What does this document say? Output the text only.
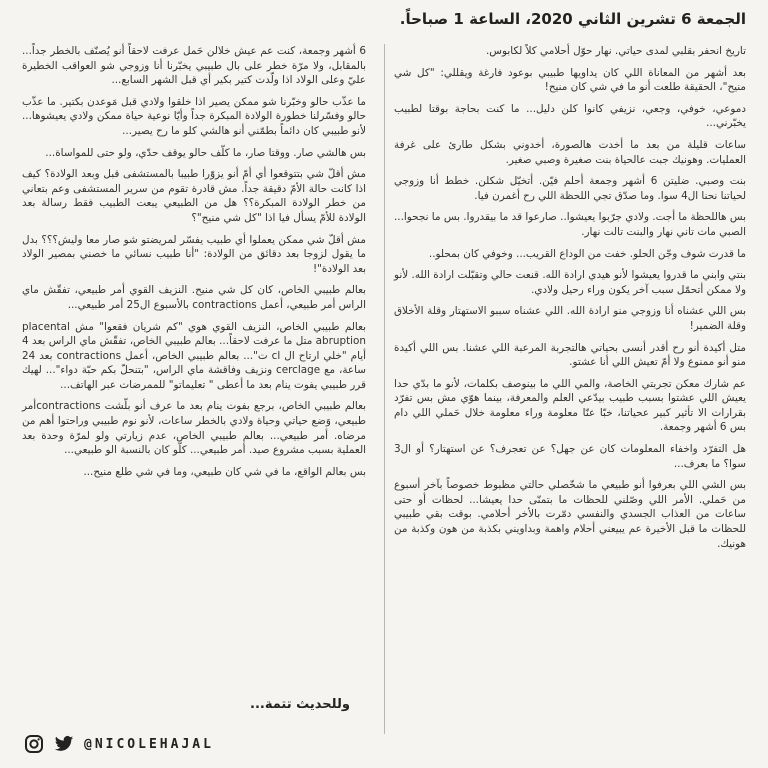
الجمعة 6 تشرين الثاني 2020، الساعة 1 صباحاً.

تاريخ انحفر بقلبي لمدى حياتي. نهار حوّل أحلامي كلاً لكابوس.

بعد أشهر من المعاناة اللي كان يداويها طبيبي بوعود فارغة ويقللي: "كل شي منيح"، الحقيقة طلعت أنو ما في شي كان منيح!

دموعي، خوفي، وجعي، نزيفي كانوا كلن دليل... ما كنت بحاجة بوقتا لطبيب يخبّرني...

ساعات قليلة من بعد ما أخدت هالصورة، أخدوني بشكل طارئ على غرفة العمليات. وهونيك جبت عالحياة بنت صغيرة وصبي صغير.

بنت وصبي. ضليتن 6 أشهر وجمعة أحلم فيّن. أتخيّل شكلن. خطط أنا وزوجي لحياتنا نحنا ال4 سوا. وما صدّق تجي اللحظة اللي رح أغمرن فيا.

بس هاللحظة ما أجت. ولادي جرّبوا يعيشوا.. صارعوا قد ما بيقدروا. بس ما نجحوا... الصبي مات تاني نهار والبنت تالت نهار.

ما قدرت شوف وجّن الحلو. خفت من الوداع القريب... وخوفي كان بمحلو..

بنتي وابني ما قدروا يعيشوا لأنو هيدي ارادة الله. قنعت حالي وتقبّلت ارادة الله. لأنو ولا ممكن أتحمّل سبب آخر يكون وراء رحيل ولادي.

بس اللي عشناه أنا وزوجي منو ارادة الله. اللي عشناه سببو الاستهتار وقلة الأخلاق وقلة الضمير!

متل أكيدة أنو رح أقدر أنسى بحياتي هالتجربة المرعبة اللي عشنا. بس اللي أكيدة منو أنو ممنوع ولا أمّ تعيش اللي أنا عشتو.

عم شارك معكن تجربتي الخاصة، والمي اللي ما بينوصف بكلمات، لأنو ما بدّي حدا يعيش اللي عشتوا بسبب طبيب بيدّعي العلم والمعرفة، بينما هوّي مش بس تفرّد بقرارات الا تأثير كبير عحياتنا، خبّا عنّا معلومة وراء معلومة خلال حَملي اللي دام بس 6 أشهر وجمعة.

هل التفرّد واخفاء المعلومات كان عن جهل؟ عن تعجرف؟ عن استهتار؟ أو ال3 سوا؟ ما بعرف...

بس الشي اللي بعرفوا أنو طبيعي ما شخّصلي حالتي مظبوط خصوصاً بآخر أسبوع من حَملي. الأمر اللي وصّلني للحظات ما بتمنّى حدا يعيشا... لحظات أو حتى ساعات من العذاب الجسدي والنفسي دمّرت بالأخر أحلامي. بوقت بقي طبيبي للحظات ما قبل الأخيرة عم يبيعني أحلام واهمة وبداويني بكذبة من هون وكذبة من هونيك.

6 أشهر وجمعة، كنت عم عيش خلالن حَمل عرفت لاحقاً أنو يُصنّف بالخطر جداً... بالمقابل، ولا مرّة خطر على بال طبيبي يخبّرنا أنا وزوجي شو العواقب الخطيرة عليّ وعلى الولاد اذا ولّدت كتير بكير أي قبل الشهر السابع...

ما عذّب حالو وخبّرنا شو ممكن يصير اذا خلقوا ولادي قبل مَوعدن بكتير. ما عذّب حالو وفسّرلنا خطورة الولادة المبكرة جداً وأيّا نوعية حياة ممكن ولادي يعيشوها... لأنو طبيبي كان دائماً بطمّني أنو هالشي كلو ما رح يصير...

بس هالشي صار. ووقتا صار، ما كلّف حالو يوقف حدّي، ولو حتى للمواساة...

مش أقلّ شي بتتوقعوا أي أمّ أنو يزوّرا طبيبا بالمستشفى قبل وبعد الولادة؟ كيف اذا كانت حالة الأمّ دقيقة جداً. مش قادرة تقوم من سرير المستشفى وعم بتعاني من خطر الولادة المبكرة؟؟ هل من الطبيعي يبعت الطبيب فقط رسالة بعد الولادة للأمّ يسأل فيا اذا "كل شي منيح"؟

مش أقلّ شي ممكن يعملوا أي طبيب يفسّر لمريضتو شو صار معا وليش؟؟؟ بدل ما يقول لزوجا بعد دقائق من الولادة: "أنا طبيب نسائي ما خصني بمصير الولاد بعد الولادة"!

بعالم طبيبي الخاص، كان كل شي منيح. النزيف القوي أمر طبيعي، تفقّش ماي الراس أمر طبيعي، أعمل contractions بالأسبوع ال25 أمر طبيعي...

بعالم طبيبي الخاص، النزيف القوي هوي "كم شريان فقعوا" مش placental abruption متل ما عرفت لاحقاً... بعالم طبيبي الخاص، تفقّش ماي الراس بعد 4 أيام "خلي ارتاح ال cl ت"... بعالم طبيبي الخاص، أعمل contractions بعد 24 ساعة، مع cerclage ونزيف وفاقشة ماي الراس، "بتنحلّ بكم حبّة دواء"... لهيك قرر طبيبي يفوت ينام بعد ما أعطى " تعليماتو" للممرضات عبر الهاتف...

بعالم طبيبي الخاص، برجع بفوت ينام بعد ما عرف أنو بلّشت contractionsأمر طبيعي، وَضع حياتي وحياة ولادي بالخطر ساعات، لأنو نوم طبيبي وراحتوا أهم من مرضاه. أمر طبيعي... بعالم طبيبي الخاص، عدم زيارتي ولو لمرّة وحدة بعد العملية بسبب مشروع صيد. أمر طبيعي... كلّو كان بالنسبة الو طبيعي...

بس بعالم الواقع، ما في شي كان طبيعي، وما في شي طلع منيح...

وللحديث تتمة...
@NICOLEHAJAL
